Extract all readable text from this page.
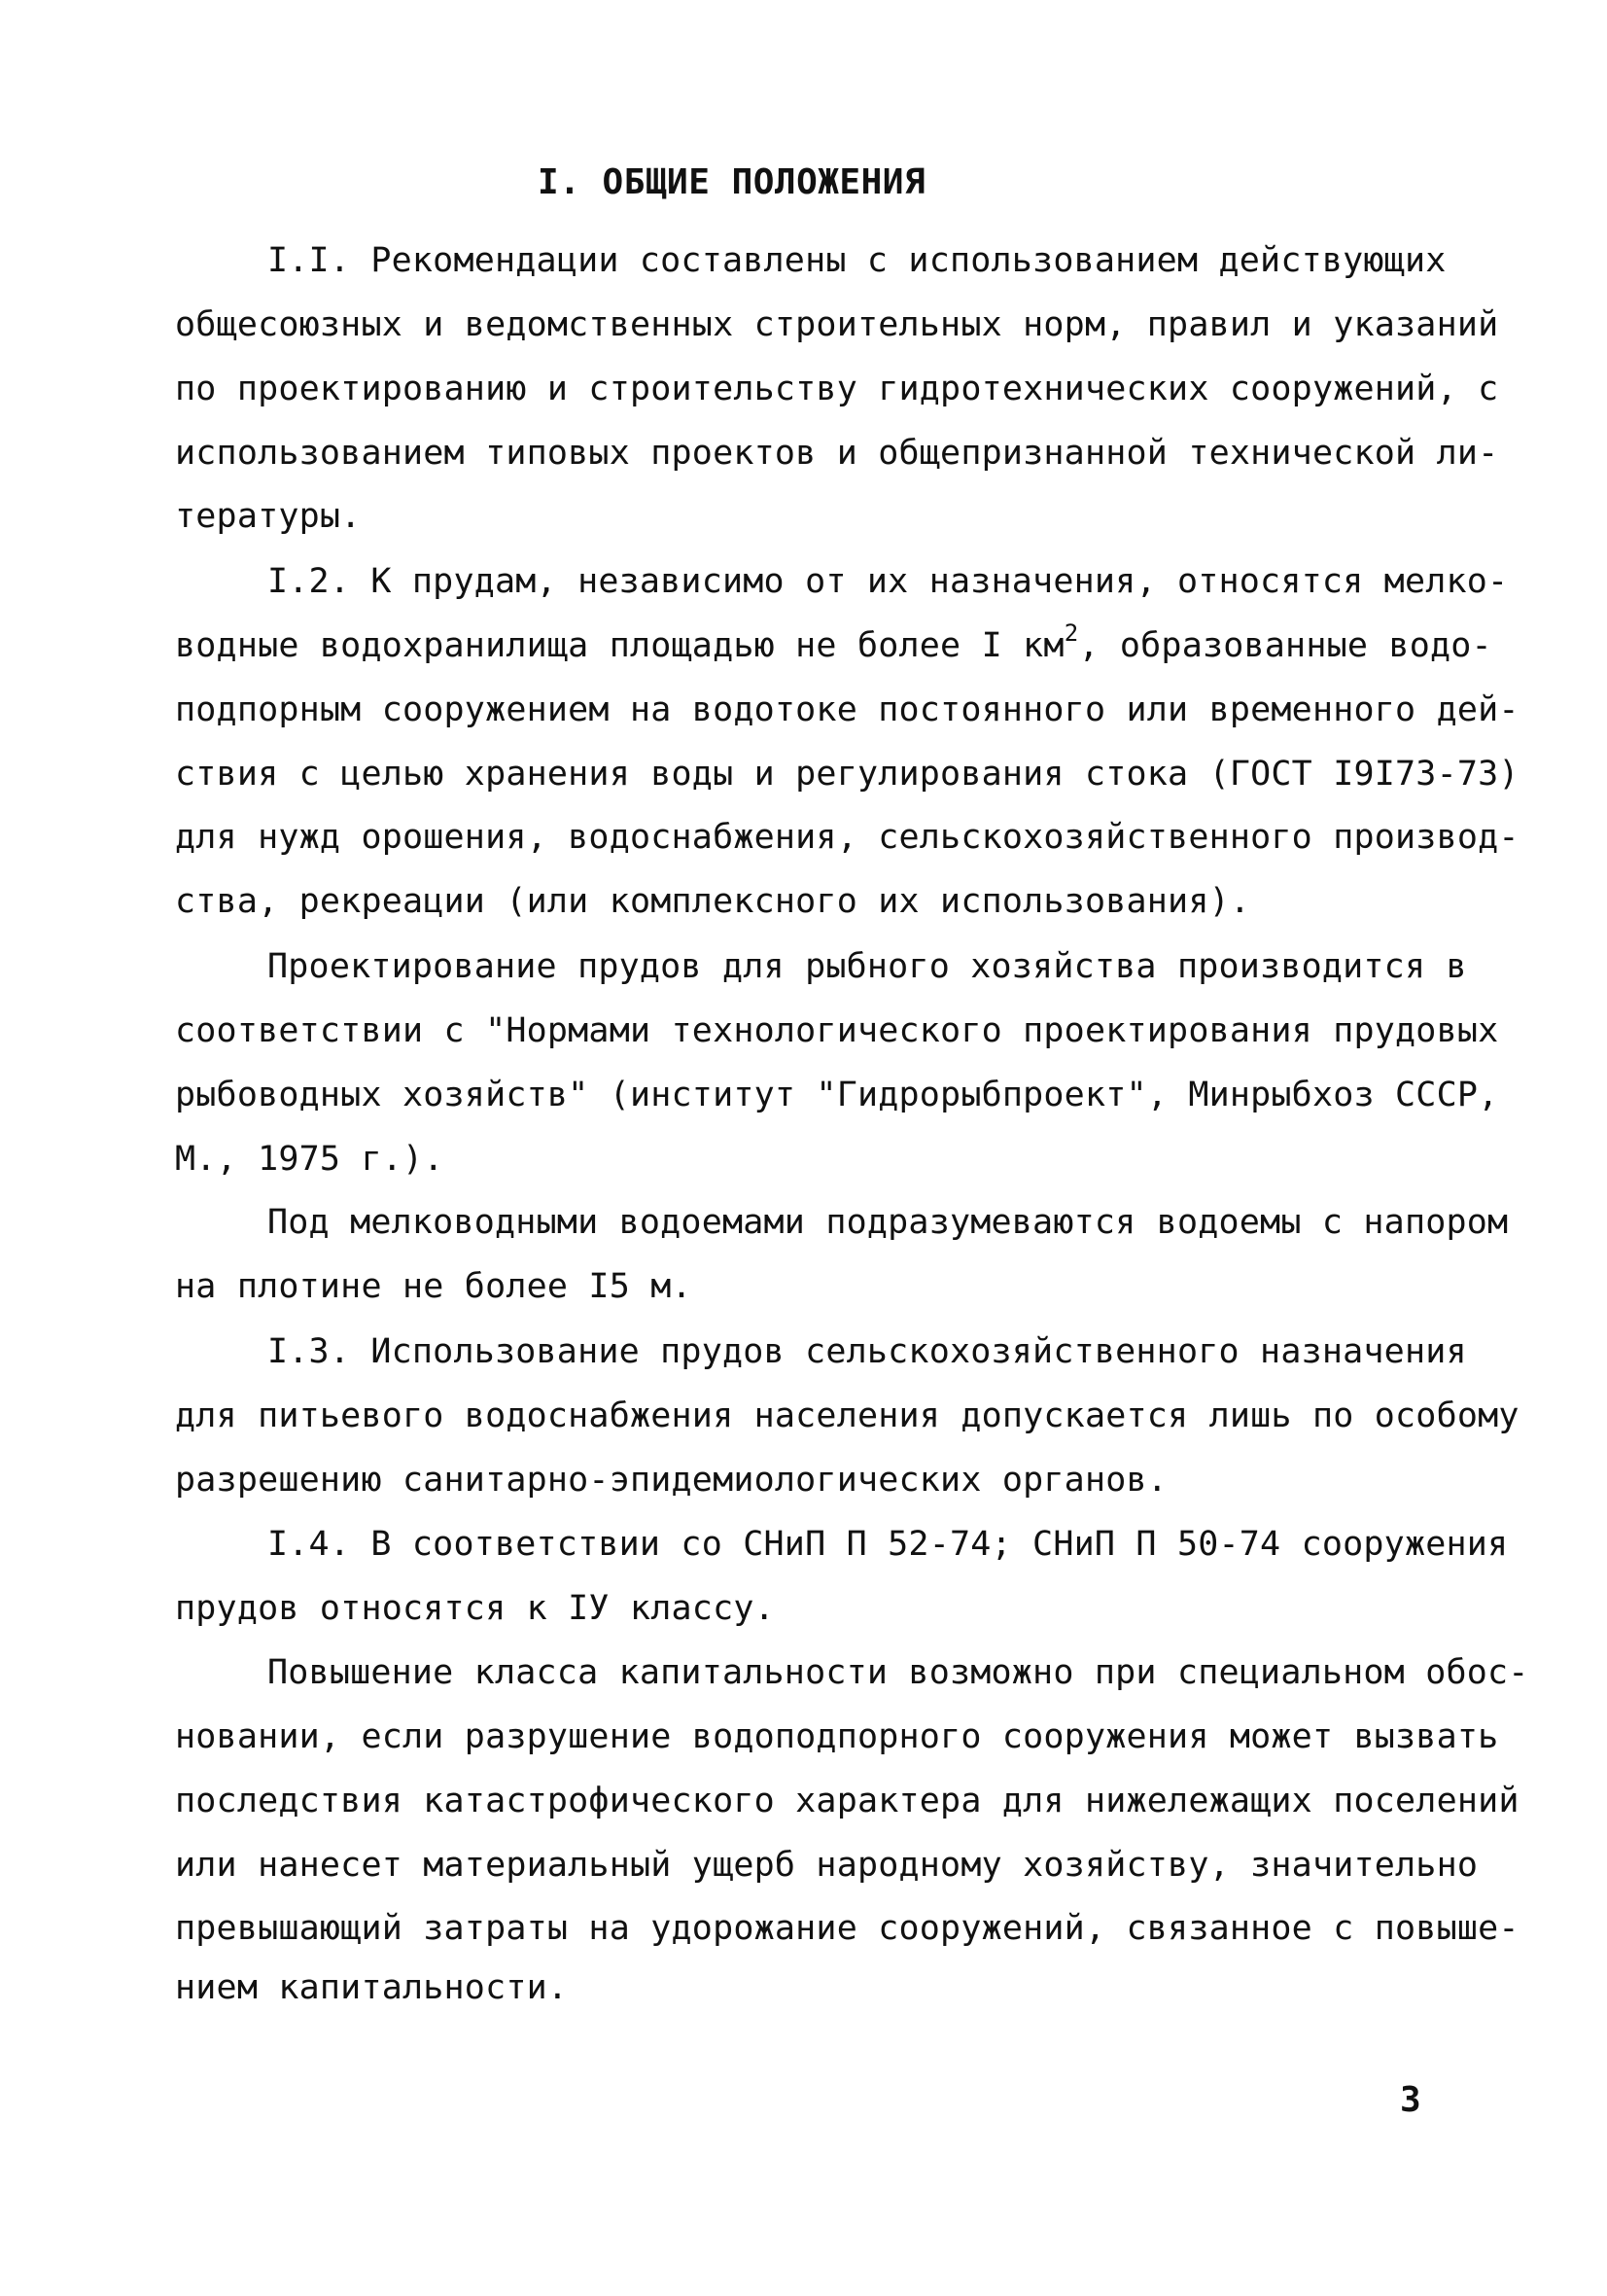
I. ОБЩИЕ ПОЛОЖЕНИЯ
I.I. Рекомендации составлены с использованием действующих
общесоюзных и ведомственных строительных норм, правил и указаний
по проектированию и строительству гидротехнических сооружений, с
использованием типовых проектов и общепризнанной технической ли-
тературы.
I.2. К прудам, независимо от их назначения, относятся мелко-
водные водохранилища площадью не более I $км^2$, образованные водо-
подпорным сооружением на водотоке постоянного или временного дей-
ствия с целью хранения воды и регулирования стока (ГОСТ I9I73-73)
для нужд орошения, водоснабжения, сельскохозяйственного производ-
ства, рекреации (или комплексного их использования).
Проектирование прудов для рыбного хозяйства производится в
соответствии с "Нормами технологического проектирования прудовых
рыбоводных хозяйств" (институт "Гидрорыбпроект", Минрыбхоз СССР,
М., 1975 г.).
Под мелководными водоемами подразумеваются водоемы с напором
на плотине не более I5 м.
I.3. Использование прудов сельскохозяйственного назначения
для питьевого водоснабжения населения допускается лишь по особому
разрешению санитарно-эпидемиологических органов.
I.4. В соответствии со СНиП П 52-74; СНиП П 50-74 сооружения
прудов относятся к IУ классу.
Повышение класса капитальности возможно при специальном обос-
новании, если разрушение водоподпорного сооружения может вызвать
последствия катастрофического характера для нижележащих поселений
или нанесет материальный ущерб народному хозяйству, значительно
превышающий затраты на удорожание сооружений, связанное с повыше-
нием капитальности.
3
